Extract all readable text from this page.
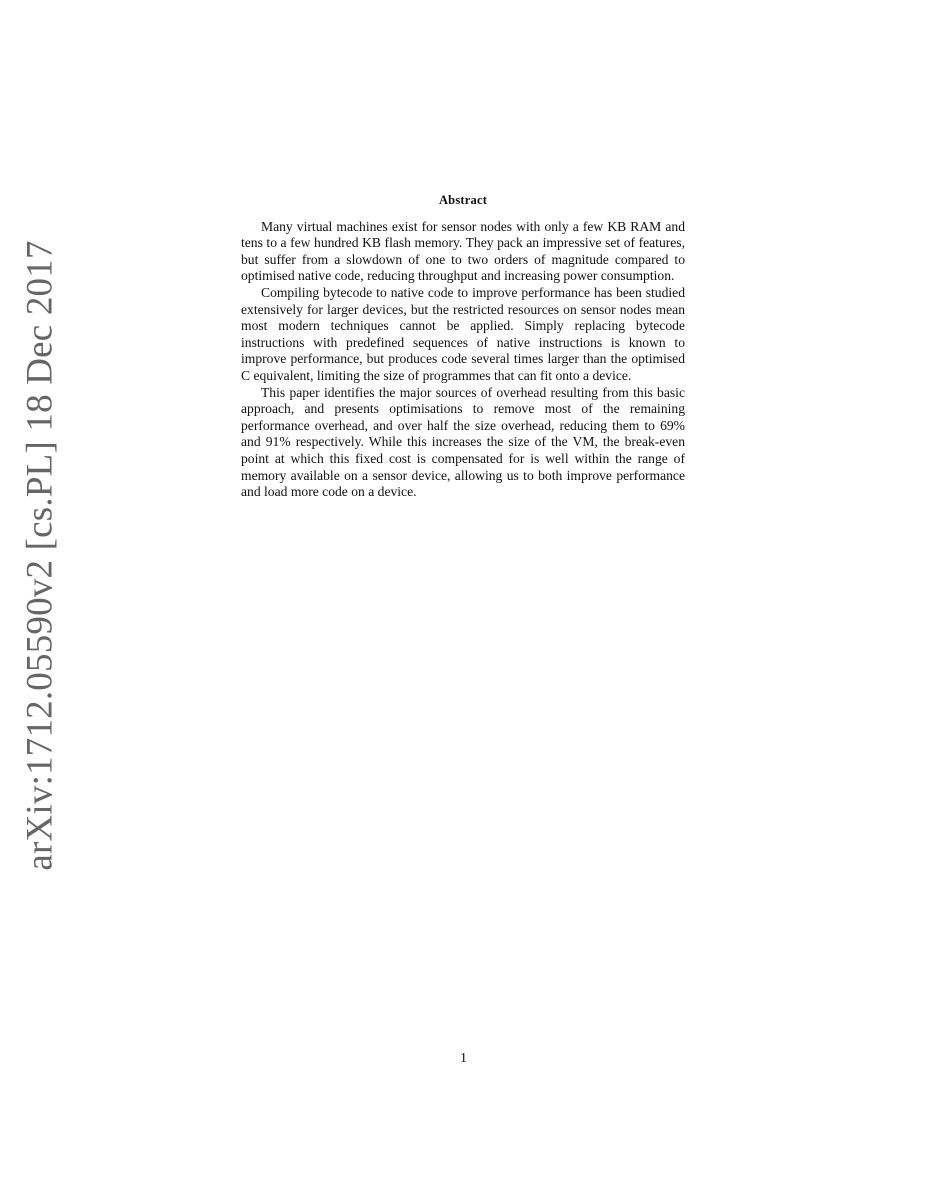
arXiv:1712.05590v2 [cs.PL] 18 Dec 2017
Abstract

Many virtual machines exist for sensor nodes with only a few KB RAM and tens to a few hundred KB flash memory. They pack an impressive set of features, but suffer from a slowdown of one to two orders of magnitude compared to optimised native code, reducing throughput and increasing power consumption.

Compiling bytecode to native code to improve performance has been studied extensively for larger devices, but the restricted resources on sensor nodes mean most modern techniques cannot be applied. Simply replacing bytecode instructions with predefined sequences of native instructions is known to improve performance, but produces code several times larger than the optimised C equivalent, limiting the size of programmes that can fit onto a device.

This paper identifies the major sources of overhead resulting from this basic approach, and presents optimisations to remove most of the remaining performance overhead, and over half the size overhead, reducing them to 69% and 91% respectively. While this increases the size of the VM, the break-even point at which this fixed cost is compensated for is well within the range of memory available on a sensor device, allowing us to both improve performance and load more code on a device.

1
